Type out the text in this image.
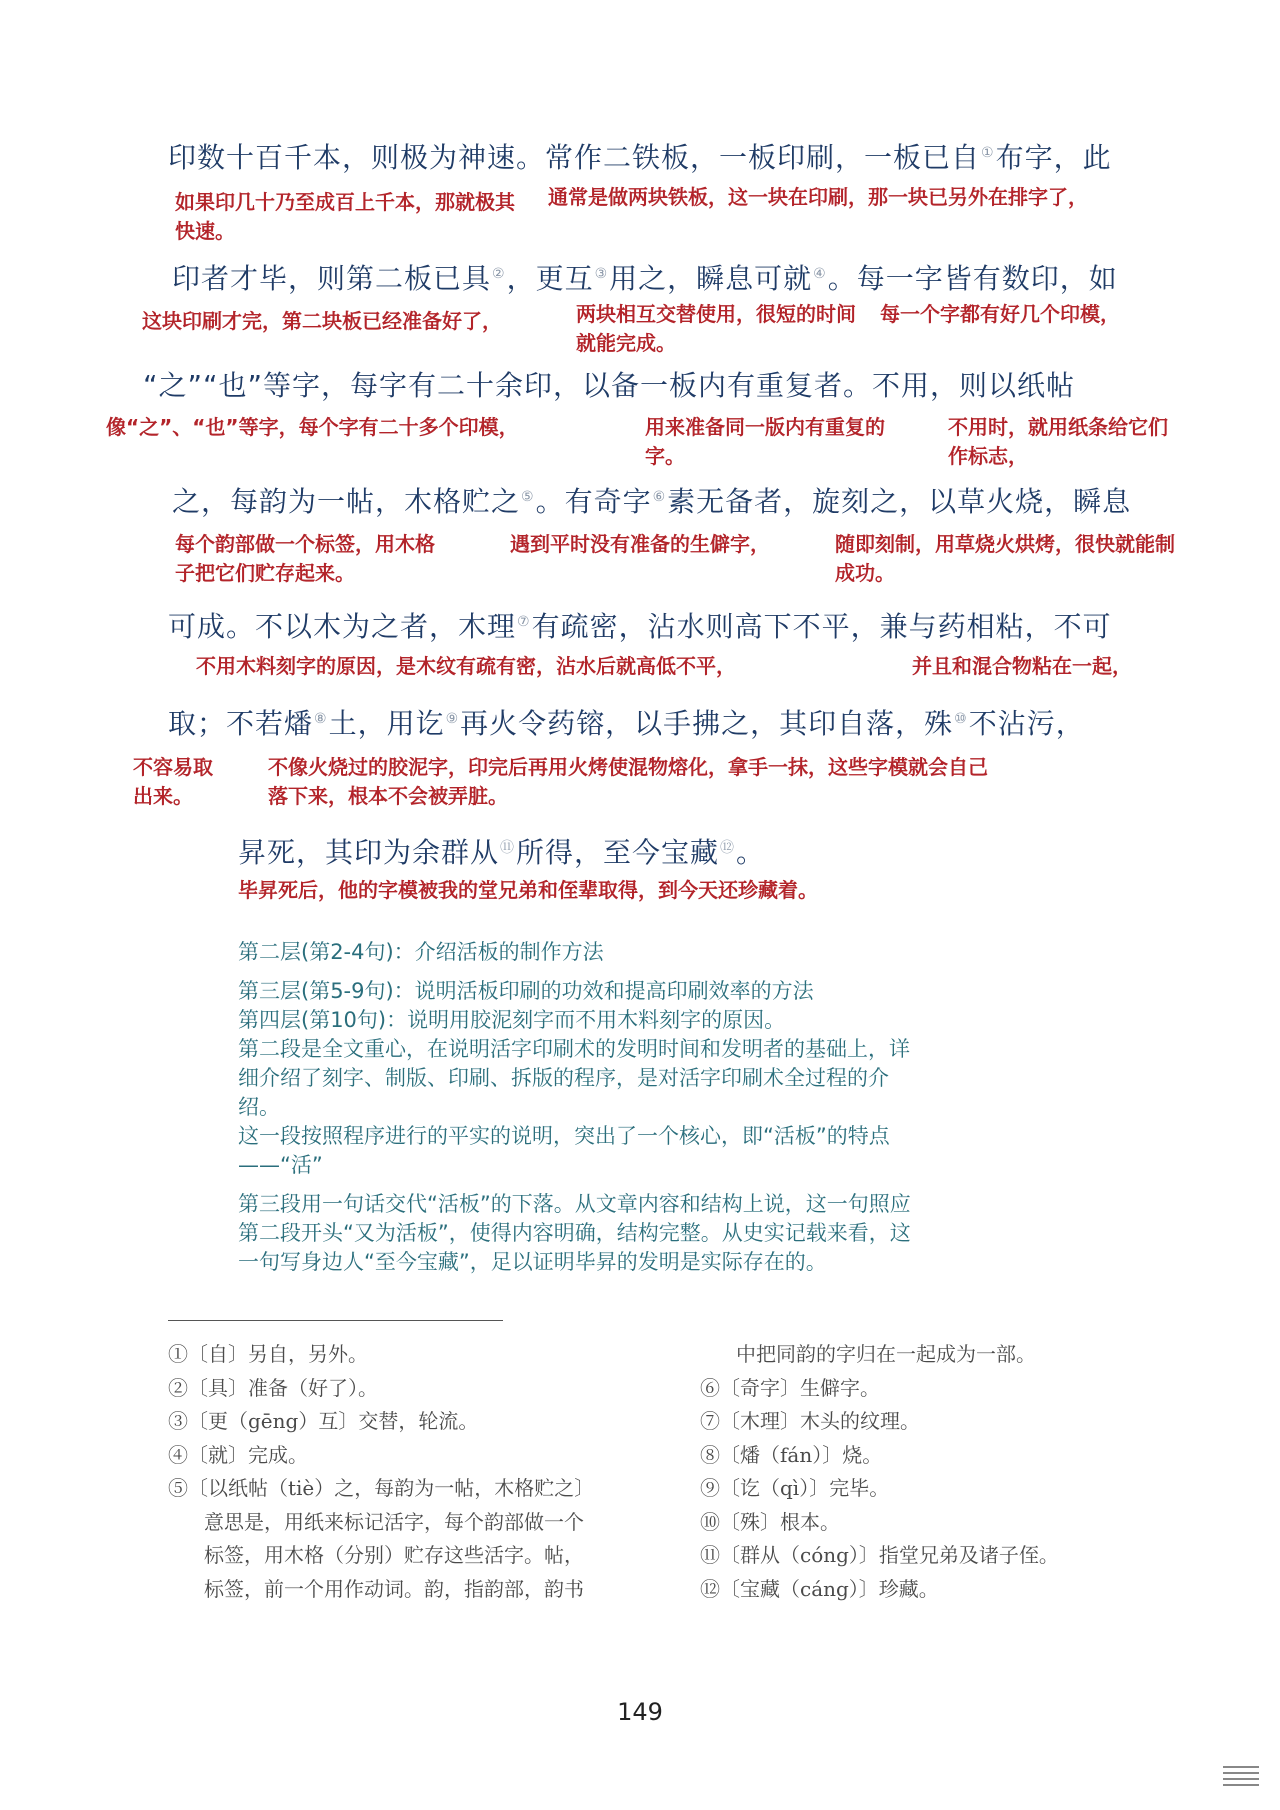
印数十百千本，则极为神速。常作二铁板，一板印刷，一板已自①布字，此
如果印几十乃至成百上千本，那就极其快速。
通常是做两块铁板，这一块在印刷，那一块已另外在排字了，
印者才毕，则第二板已具②，更互③用之，瞬息可就④。每一字皆有数印，如
这块印刷才完，第二块板已经准备好了，	两块相互交替使用，很短的时间就能完成。
每一个字都有好几个印模，
“之”“也”等字，每字有二十余印，以备一板内有重复者。不用，则以纸帖
像“之”、“也”等字，每个字有二十多个印模，	用来准备同一版内有重复的字。
不用时，就用纸条给它们作标志，
之，每韵为一帖，木格贮之⑤。有奇字⑥素无备者，旋刻之，以草火烧，瞬息
每个韵部做一个标签，用木格子把它们贮存起来。
遇到平时没有准备的生僻字，	随即刻制，用草烧火烘烤，很快就能制成功。
可成。不以木为之者，木理⑦有疏密，沾水则高下不平，兼与药相粘，不可
不用木料刻字的原因，是木纹有疏有密，沾水后就高低不平，	并且和混合物粘在一起，
取；不若燔⑧土，用讫⑨再火令药镕，以手拂之，其印自落，殊⑩不沾污，
不容易取出来。
不像火烧过的胶泥字，印完后再用火烤使混物熔化，拿手一抹，这些字模就会自己落下来，根本不会被弄脏。
昇死，其印为余群从⑪所得，至今宝藏⑫。
毕昇死后，他的字模被我的堂兄弟和侄辈取得，到今天还珍藏着。

第二层(第2-4句)：介绍活板的制作方法

第三层(第5-9句)：说明活板印刷的功效和提高印刷效率的方法

第四层(第10句)：说明用胶泥刻字而不用木料刻字的原因。

第二段是全文重心，在说明活字印刷术的发明时间和发明者的基础上，详细介绍了刻字、制版、印刷、拆版的程序，是对活字印刷术全过程的介绍。

这一段按照程序进行的平实的说明，突出了一个核心，即“活板”的特点——“活”

第三段用一句话交代“活板”的下落。从文章内容和结构上说，这一句照应第二段开头“又为活板”，使得内容明确，结构完整。从史实记载来看，这一句写身边人“至今宝藏”，足以证明毕昇的发明是实际存在的。

①〔自〕另自，另外。

②〔具〕准备（好了）。

③〔更（gēng）互〕交替，轮流。

④〔就〕完成。

⑤〔以纸帖（tiè）之，每韵为一帖，木格贮之〕

意思是，用纸来标记活字，每个韵部做一个

标签，用木格（分别）贮存这些活字。帖，

标签，前一个用作动词。韵，指韵部，韵书

中把同韵的字归在一起成为一部。

⑥〔奇字〕生僻字。

⑦〔木理〕木头的纹理。

⑧〔燔（fán）〕烧。

⑨〔讫（qì）〕完毕。

⑩〔殊〕根本。

⑪〔群从（cóng）〕指堂兄弟及诸子侄。

⑫〔宝藏（cáng）〕珍藏。

149
